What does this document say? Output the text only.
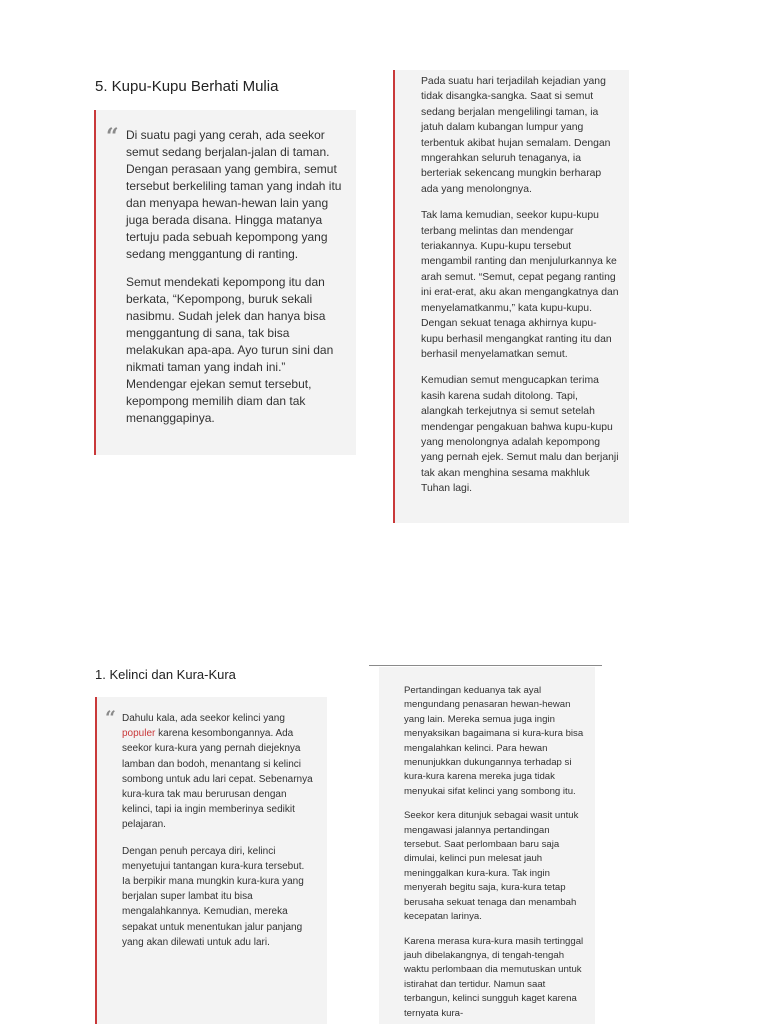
5. Kupu-Kupu Berhati Mulia
“ Di suatu pagi yang cerah, ada seekor semut sedang berjalan-jalan di taman. Dengan perasaan yang gembira, semut tersebut berkeliling taman yang indah itu dan menyapa hewan-hewan lain yang juga berada disana. Hingga matanya tertuju pada sebuah kepompong yang sedang menggantung di ranting.

Semut mendekati kepompong itu dan berkata, “Kepompong, buruk sekali nasibmu. Sudah jelek dan hanya bisa menggantung di sana, tak bisa melakukan apa-apa. Ayo turun sini dan nikmati taman yang indah ini.” Mendengar ejekan semut tersebut, kepompong memilih diam dan tak menanggapinya.

Pada suatu hari terjadilah kejadian yang tidak disangka-sangka. Saat si semut sedang berjalan mengelilingi taman, ia jatuh dalam kubangan lumpur yang terbentuk akibat hujan semalam. Dengan mngerahkan seluruh tenaganya, ia berteriak sekencang mungkin berharap ada yang menolongnya.

Tak lama kemudian, seekor kupu-kupu terbang melintas dan mendengar teriakannya. Kupu-kupu tersebut mengambil ranting dan menjulurkannya ke arah semut. “Semut, cepat pegang ranting ini erat-erat, aku akan mengangkatnya dan menyelamatkanmu,” kata kupu-kupu. Dengan sekuat tenaga akhirnya kupu-kupu berhasil mengangkat ranting itu dan berhasil menyelamatkan semut.

Kemudian semut mengucapkan terima kasih karena sudah ditolong. Tapi, alangkah terkejutnya si semut setelah mendengar pengakuan bahwa kupu-kupu yang menolongnya adalah kepompong yang pernah ejek. Semut malu dan berjanji tak akan menghina sesama makhluk Tuhan lagi.

1. Kelinci dan Kura-Kura
“ Dahulu kala, ada seekor kelinci yang populer karena kesombongannya. Ada seekor kura-kura yang pernah diejeknya lamban dan bodoh, menantang si kelinci sombong untuk adu lari cepat. Sebenarnya kura-kura tak mau berurusan dengan kelinci, tapi ia ingin memberinya sedikit pelajaran.

Dengan penuh percaya diri, kelinci menyetujui tantangan kura-kura tersebut. Ia berpikir mana mungkin kura-kura yang berjalan super lambat itu bisa mengalahkannya. Kemudian, mereka sepakat untuk menentukan jalur panjang yang akan dilewati untuk adu lari.

Pertandingan keduanya tak ayal mengundang penasaran hewan-hewan yang lain. Mereka semua juga ingin menyaksikan bagaimana si kura-kura bisa mengalahkan kelinci. Para hewan menunjukkan dukungannya terhadap si kura-kura karena mereka juga tidak menyukai sifat kelinci yang sombong itu.

Seekor kera ditunjuk sebagai wasit untuk mengawasi jalannya pertandingan tersebut. Saat perlombaan baru saja dimulai, kelinci pun melesat jauh meninggalkan kura-kura. Tak ingin menyerah begitu saja, kura-kura tetap berusaha sekuat tenaga dan menambah kecepatan larinya.

Karena merasa kura-kura masih tertinggal jauh dibelakangnya, di tengah-tengah waktu perlombaan dia memutuskan untuk istirahat dan tertidur. Namun saat terbangun, kelinci sungguh kaget karena ternyata kura-
